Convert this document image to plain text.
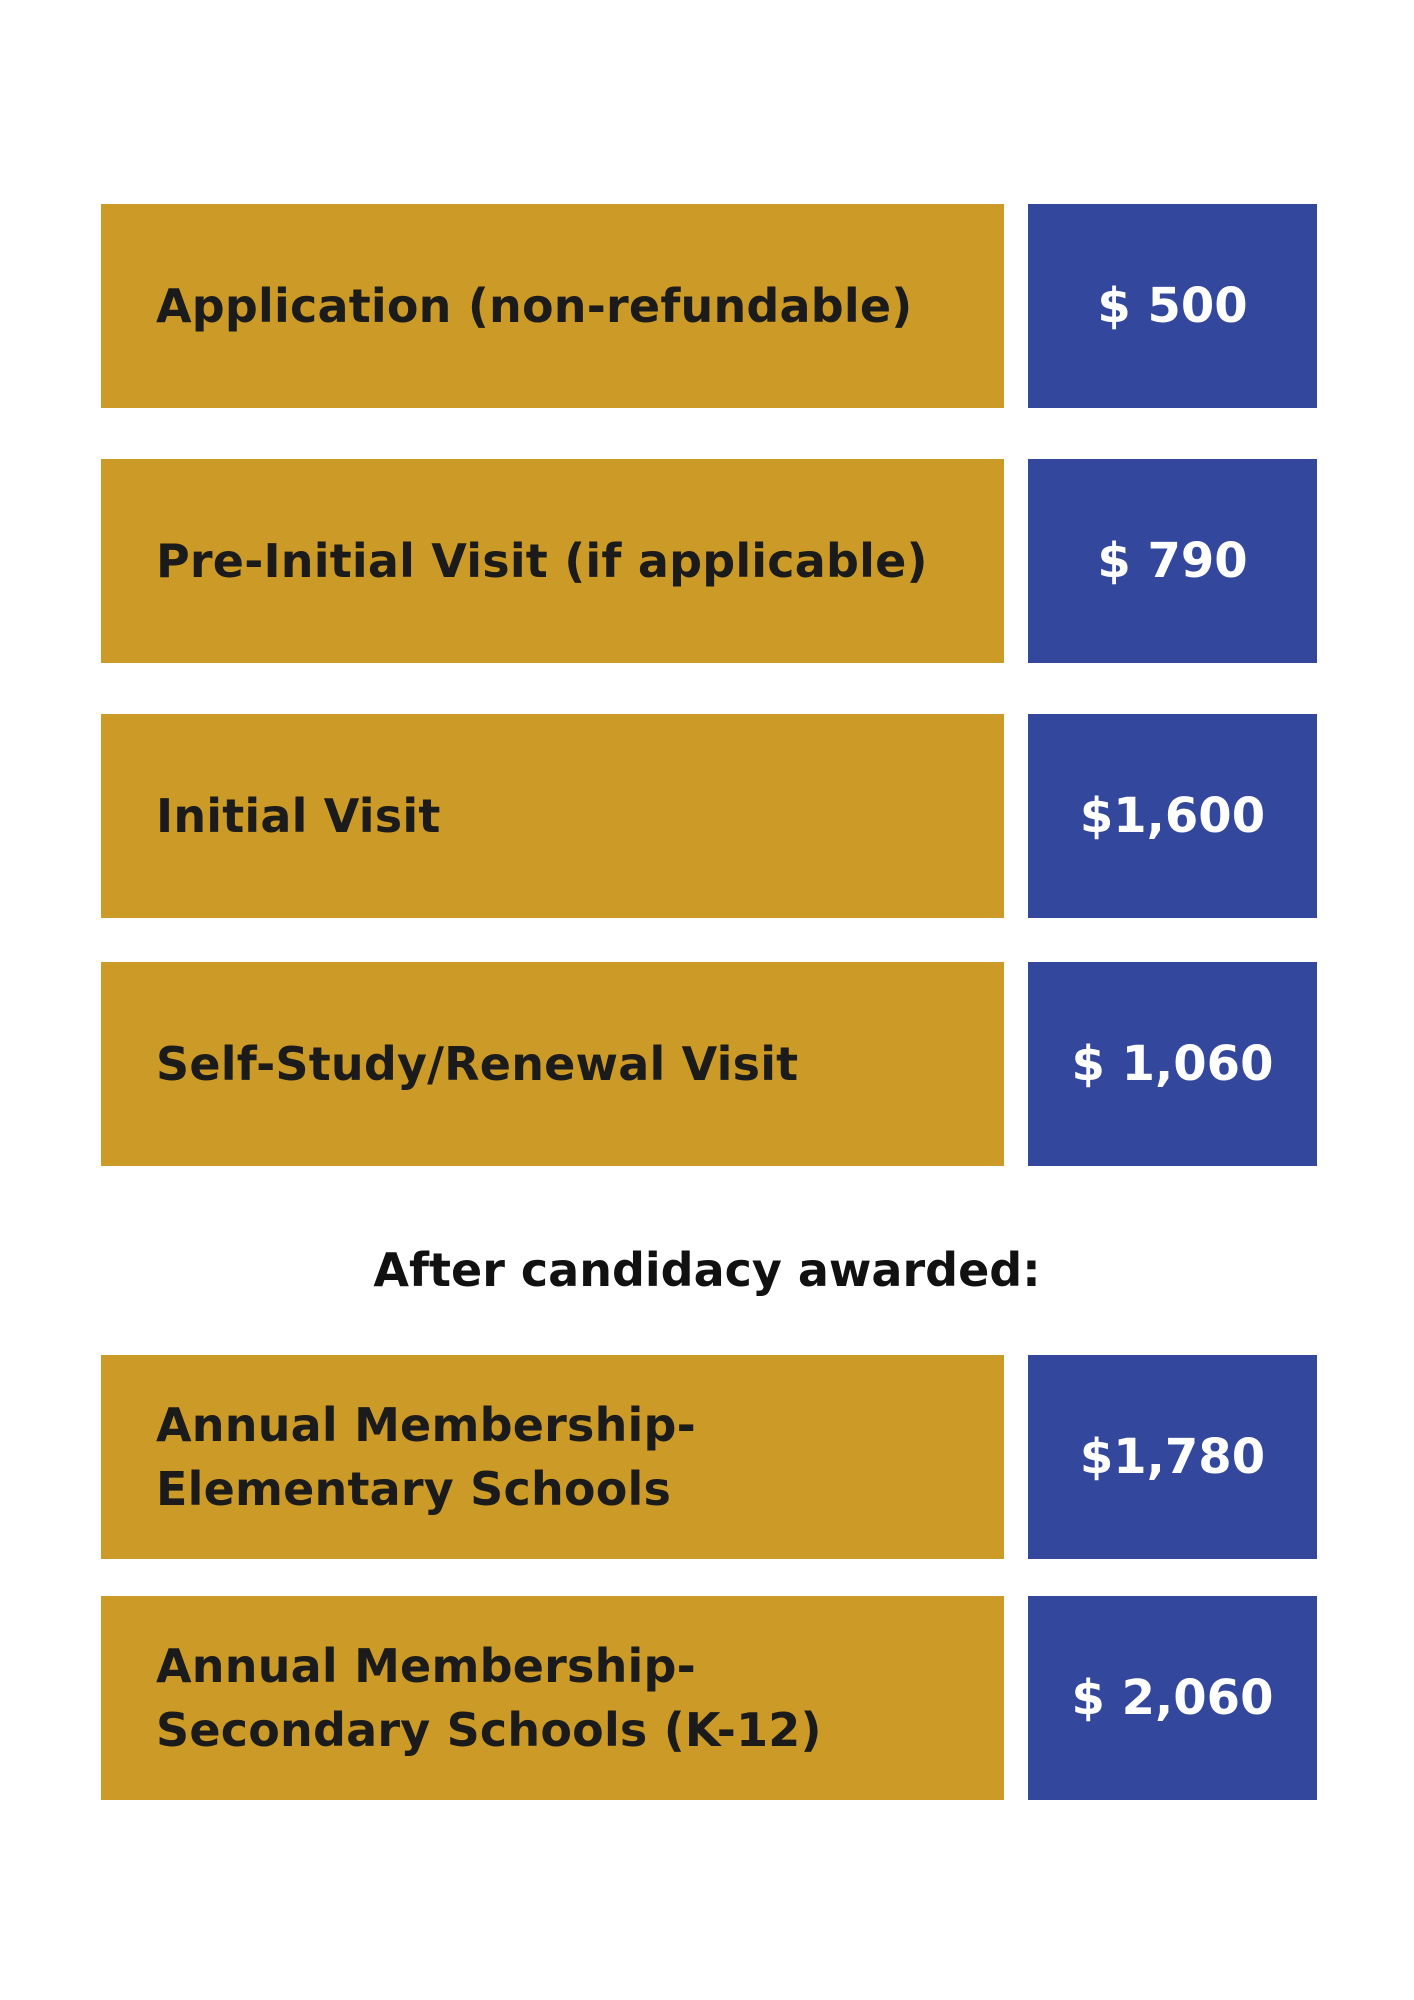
Application (non-refundable)	$ 500
Pre-Initial Visit (if applicable)	$ 790
Initial Visit	$1,600
Self-Study/Renewal Visit	$ 1,060
After candidacy awarded:
Annual Membership-
Elementary Schools
$1,780
Annual Membership-
Secondary Schools (K-12)
$ 2,060
